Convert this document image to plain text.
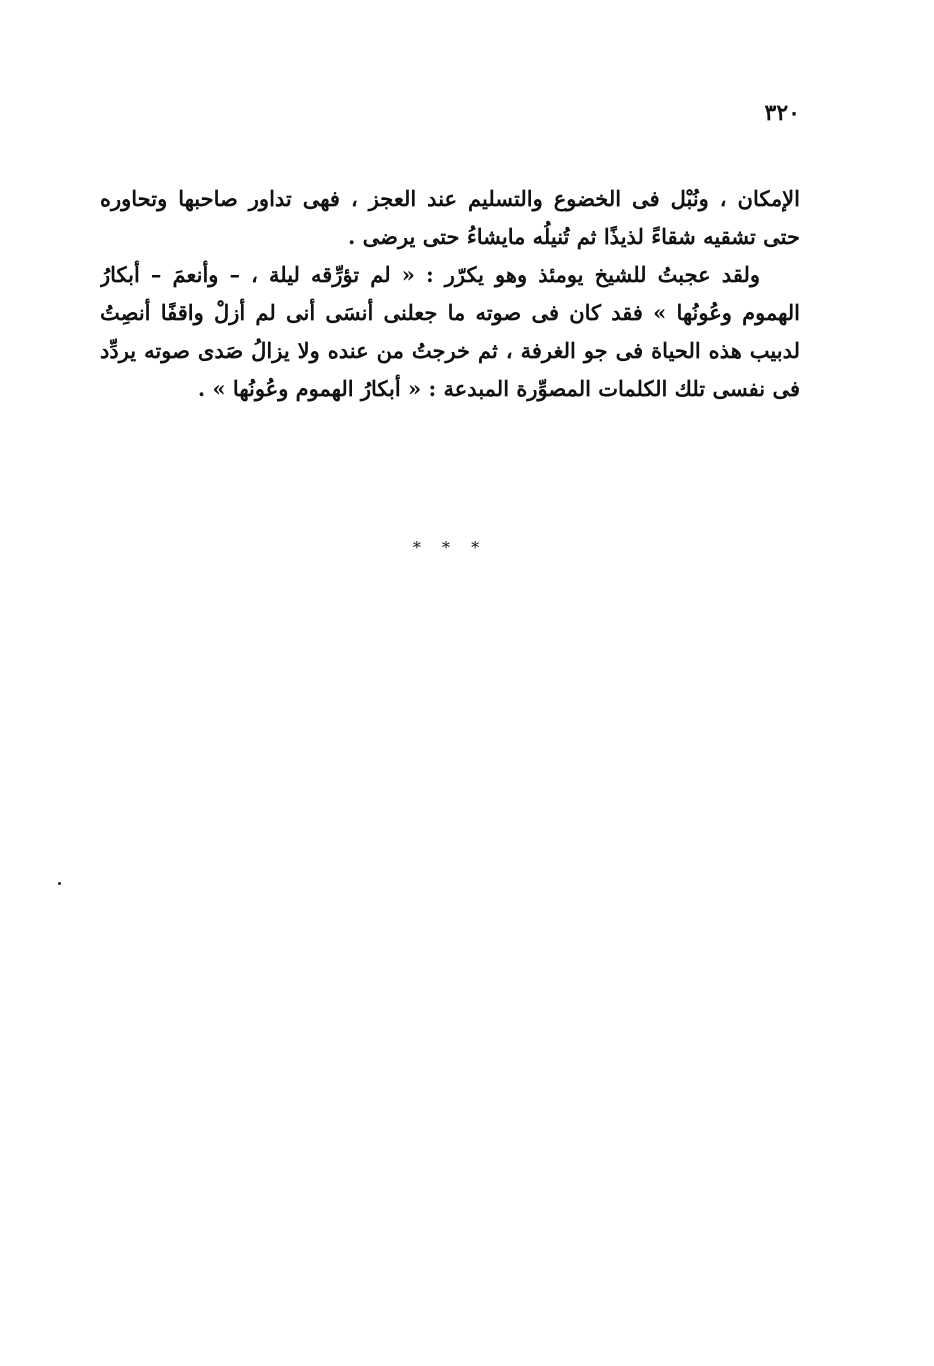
٣٢٠
الإمكان ، ونُبْل فى الخضوع والتسليم عند العجز ، فهى تداور صاحبها وتحاوره
حتى تشقيه شقاءً لذيذًا ثم تُنيلُه مايشاءُ حتى يرضى .
ولقد عجبتُ للشيخ يومئذ وهو يكرّر : « لم تؤرِّقه ليلة ، – وأنعمَ – أبكارُ
الهموم وعُونُها » فقد كان فى صوته ما جعلنى أنسَى أنى لم أزلْ واقفًا أنصِتُ
لدبيب هذه الحياة فى جو الغرفة ، ثم خرجتُ من عنده ولا يزالُ صَدى صوته يردِّد
فى نفسى تلك الكلمات المصوِّرة المبدعة : « أبكارُ الهموم وعُونُها » .
* * *
